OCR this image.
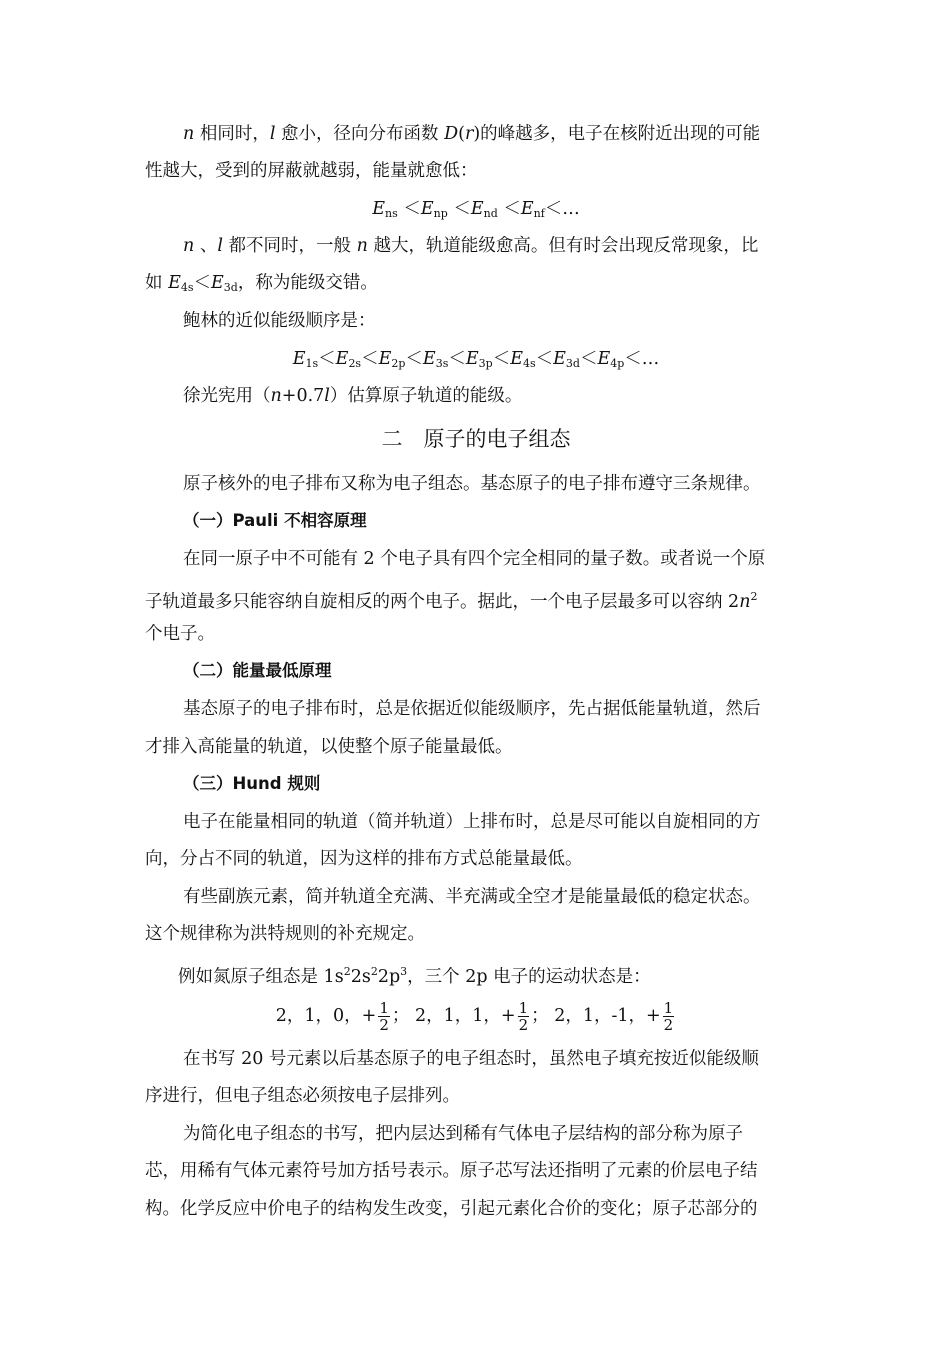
n 相同时，l 愈小，径向分布函数 D(r)的峰越多，电子在核附近出现的可能
性越大，受到的屏蔽就越弱，能量就愈低：
$E_{ns} <E_{np} <E_{nd}$ $<E_{nf}<\dots$
n 、l 都不同时，一般 n 越大，轨道能级愈高。但有时会出现反常现象，比
如 $E_{4s}<E_{3d}$，称为能级交错。
鲍林的近似能级顺序是：
$E_{1s}<E_{2s}<E_{2p}<E_{3s}<E_{3p}<E_{4s}<E_{3d}<E_{4p}<\dots$
徐光宪用（n+0.7l）估算原子轨道的能级。
二　原子的电子组态
原子核外的电子排布又称为电子组态。基态原子的电子排布遵守三条规律。
（一）Pauli 不相容原理
在同一原子中不可能有 2 个电子具有四个完全相同的量子数。或者说一个原
子轨道最多只能容纳自旋相反的两个电子。据此，一个电子层最多可以容纳 $2n^2$
个电子。
（二）能量最低原理
基态原子的电子排布时，总是依据近似能级顺序，先占据低能量轨道，然后
才排入高能量的轨道，以使整个原子能量最低。
（三）Hund 规则
电子在能量相同的轨道（简并轨道）上排布时，总是尽可能以自旋相同的方
向，分占不同的轨道，因为这样的排布方式总能量最低。
有些副族元素，简并轨道全充满、半充满或全空才是能量最低的稳定状态。
这个规律称为洪特规则的补充规定。
例如氮原子组态是 $1s^22s^22p^3$，三个 2p 电子的运动状态是：
2，1，0，+ $\frac{1}{2}$ ； 2，1，1，+ $\frac{1}{2}$ ； 2，1，-1，+ $\frac{1}{2}$
在书写 20 号元素以后基态原子的电子组态时，虽然电子填充按近似能级顺
序进行，但电子组态必须按电子层排列。
为简化电子组态的书写，把内层达到稀有气体电子层结构的部分称为原子
芯，用稀有气体元素符号加方括号表示。原子芯写法还指明了元素的价层电子结
构。化学反应中价电子的结构发生改变，引起元素化合价的变化；原子芯部分的
